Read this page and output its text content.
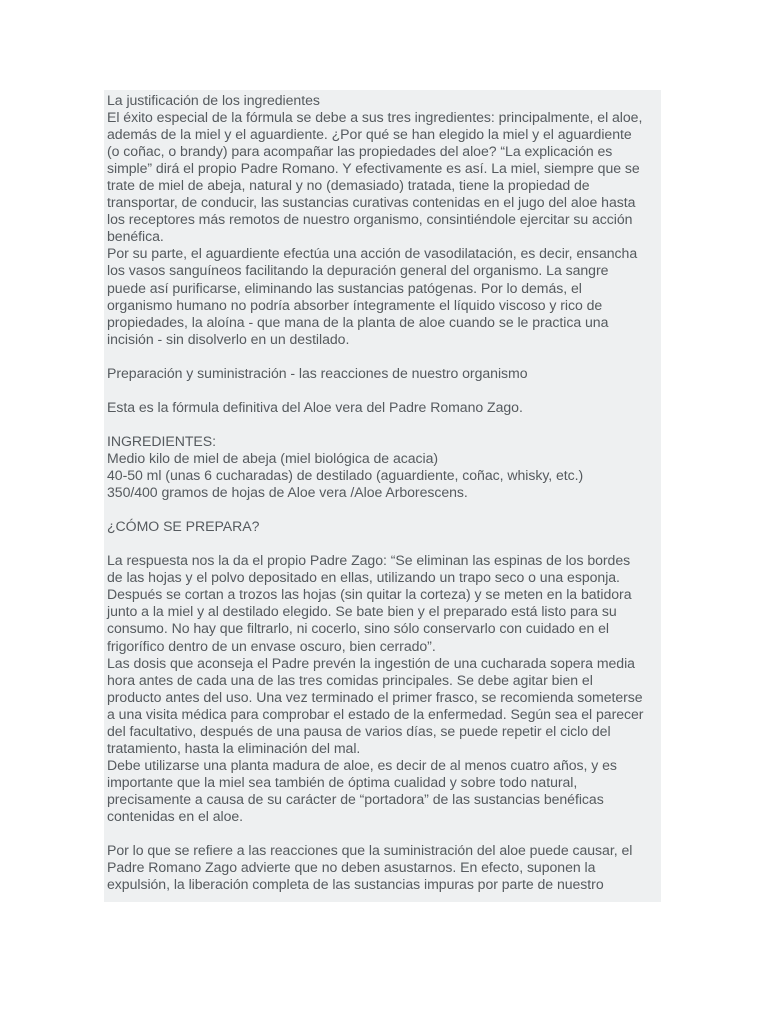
La justificación de los ingredientes
El éxito especial de la fórmula se debe a sus tres ingredientes: principalmente, el aloe,
además de la miel y el aguardiente. ¿Por qué se han elegido la miel y el aguardiente
(o coñac, o brandy) para acompañar las propiedades del aloe? “La explicación es
simple” dirá el propio Padre Romano. Y efectivamente es así. La miel, siempre que se
trate de miel de abeja, natural y no (demasiado) tratada, tiene la propiedad de
transportar, de conducir, las sustancias curativas contenidas en el jugo del aloe hasta
los receptores más remotos de nuestro organismo, consintiéndole ejercitar su acción
benéfica.
Por su parte, el aguardiente efectúa una acción de vasodilatación, es decir, ensancha
los vasos sanguíneos facilitando la depuración general del organismo. La sangre
puede así purificarse, eliminando las sustancias patógenas. Por lo demás, el
organismo humano no podría absorber íntegramente el líquido viscoso y rico de
propiedades, la aloína - que mana de la planta de aloe cuando se le practica una
incisión - sin disolverlo en un destilado.
Preparación y suministración - las reacciones de nuestro organismo
Esta es la fórmula definitiva del Aloe vera del Padre Romano Zago.
INGREDIENTES:
Medio kilo de miel de abeja (miel biológica de acacia)
40-50 ml (unas 6 cucharadas) de destilado (aguardiente, coñac, whisky, etc.)
350/400 gramos de hojas de Aloe vera /Aloe Arborescens.
¿CÓMO SE PREPARA?
La respuesta nos la da el propio Padre Zago: “Se eliminan las espinas de los bordes
de las hojas y el polvo depositado en ellas, utilizando un trapo seco o una esponja.
Después se cortan a trozos las hojas (sin quitar la corteza) y se meten en la batidora
junto a la miel y al destilado elegido. Se bate bien y el preparado está listo para su
consumo. No hay que filtrarlo, ni cocerlo, sino sólo conservarlo con cuidado en el
frigorífico dentro de un envase oscuro, bien cerrado”.
Las dosis que aconseja el Padre prevén la ingestión de una cucharada sopera media
hora antes de cada una de las tres comidas principales. Se debe agitar bien el
producto antes del uso. Una vez terminado el primer frasco, se recomienda someterse
a una visita médica para comprobar el estado de la enfermedad. Según sea el parecer
del facultativo, después de una pausa de varios días, se puede repetir el ciclo del
tratamiento, hasta la eliminación del mal.
Debe utilizarse una planta madura de aloe, es decir de al menos cuatro años, y es
importante que la miel sea también de óptima cualidad y sobre todo natural,
precisamente a causa de su carácter de “portadora” de las sustancias benéficas
contenidas en el aloe.
Por lo que se refiere a las reacciones que la suministración del aloe puede causar, el
Padre Romano Zago advierte que no deben asustarnos. En efecto, suponen la
expulsión, la liberación completa de las sustancias impuras por parte de nuestro
